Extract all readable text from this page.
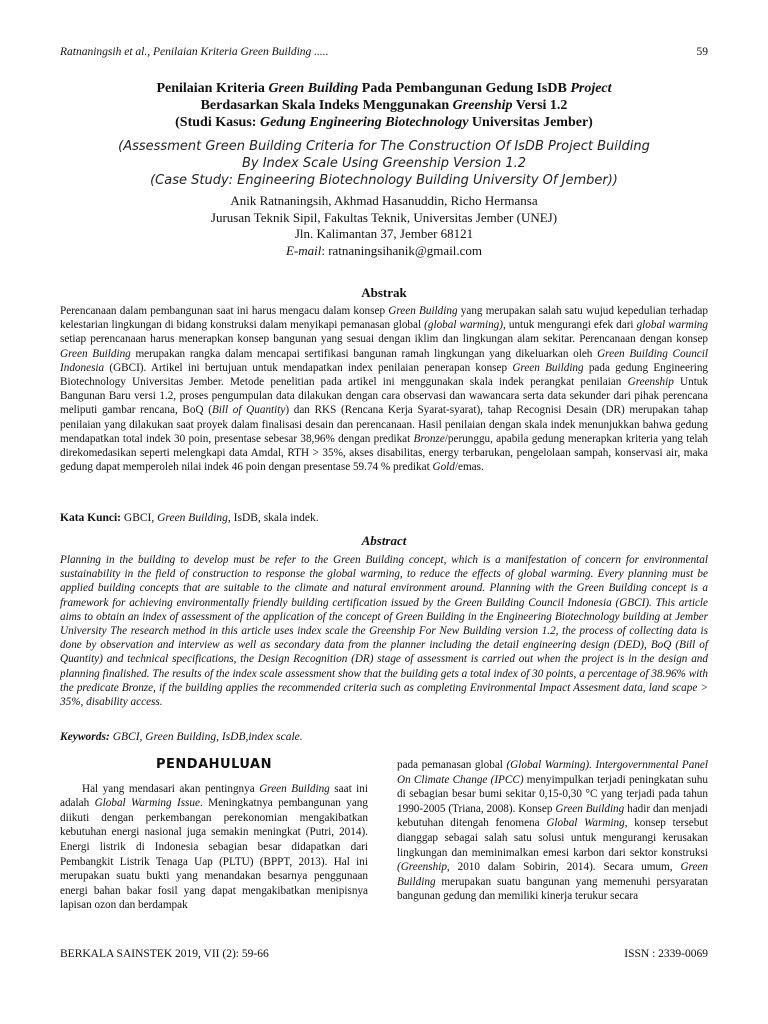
Ratnaningsih et al., Penilaian Kriteria Green Building .....	59
Penilaian Kriteria Green Building Pada Pembangunan Gedung IsDB Project
Berdasarkan Skala Indeks Menggunakan Greenship Versi 1.2
(Studi Kasus: Gedung Engineering Biotechnology Universitas Jember)
(Assessment Green Building Criteria for The Construction Of IsDB Project Building
By Index Scale Using Greenship Version 1.2
(Case Study: Engineering Biotechnology Building University Of Jember))
Anik Ratnaningsih, Akhmad Hasanuddin, Richo Hermansa
Jurusan Teknik Sipil, Fakultas Teknik, Universitas Jember (UNEJ)
Jln. Kalimantan 37, Jember 68121
E-mail: ratnaningsihanik@gmail.com
Abstrak

Perencanaan dalam pembangunan saat ini harus mengacu dalam konsep Green Building yang merupakan salah satu wujud kepedulian terhadap kelestarian lingkungan di bidang konstruksi dalam menyikapi pemanasan global (global warming), untuk mengurangi efek dari global warming setiap perencanaan harus menerapkan konsep bangunan yang sesuai dengan iklim dan lingkungan alam sekitar. Perencanaan dengan konsep Green Building merupakan rangka dalam mencapai sertifikasi bangunan ramah lingkungan yang dikeluarkan oleh Green Building Council Indonesia (GBCI). Artikel ini bertujuan untuk mendapatkan index penilaian penerapan konsep Green Building pada gedung Engineering Biotechnology Universitas Jember. Metode penelitian pada artikel ini menggunakan skala indek perangkat penilaian Greenship Untuk Bangunan Baru versi 1.2, proses pengumpulan data dilakukan dengan cara observasi dan wawancara serta data sekunder dari pihak perencana meliputi gambar rencana, BoQ (Bill of Quantity) dan RKS (Rencana Kerja Syarat-syarat), tahap Recognisi Desain (DR) merupakan tahap penilaian yang dilakukan saat proyek dalam finalisasi desain dan perencanaan. Hasil penilaian dengan skala indek menunjukkan bahwa gedung mendapatkan total indek 30 poin, presentase sebesar 38,96% dengan predikat Bronze/perunggu, apabila gedung menerapkan kriteria yang telah direkomedasikan seperti melengkapi data Amdal, RTH > 35%, akses disabilitas, energy terbarukan, pengelolaan sampah, konservasi air, maka gedung dapat memperoleh nilai indek 46 poin dengan presentase 59.74 % predikat Gold/emas.

Kata Kunci: GBCI, Green Building, IsDB, skala indek.
Abstract

Planning in the building to develop must be refer to the Green Building concept, which is a manifestation of concern for environmental sustainability in the field of construction to response the global warming, to reduce the effects of global warming. Every planning must be applied building concepts that are suitable to the climate and natural environment around. Planning with the Green Building concept is a framework for achieving environmentally friendly building certification issued by the Green Building Council Indonesia (GBCI). This article aims to obtain an index of assessment of the application of the concept of Green Building in the Engineering Biotechnology building at Jember University The research method in this article uses index scale the Greenship For New Building version 1.2, the process of collecting data is done by observation and interview as well as secondary data from the planner including the detail engineering design (DED), BoQ (Bill of Quantity) and technical specifications, the Design Recognition (DR) stage of assessment is carried out when the project is in the design and planning finalished. The results of the index scale assessment show that the building gets a total index of 30 points, a percentage of 38.96% with the predicate Bronze, if the building applies the recommended criteria such as completing Environmental Impact Assesment data, land scape > 35%, disability access.

Keywords: GBCI, Green Building, IsDB,index scale.
PENDAHULUAN

Hal yang mendasari akan pentingnya Green Building saat ini adalah Global Warming Issue. Meningkatnya pembangunan yang diikuti dengan perkembangan perekonomian mengakibatkan kebutuhan energi nasional juga semakin meningkat (Putri, 2014). Energi listrik di Indonesia sebagian besar didapatkan dari Pembangkit Listrik Tenaga Uap (PLTU) (BPPT, 2013). Hal ini merupakan suatu bukti yang menandakan besarnya penggunaan energi bahan bakar fosil yang dapat mengakibatkan menipisnya lapisan ozon dan berdampak

pada pemanasan global (Global Warming). Intergovernmental Panel On Climate Change (IPCC) menyimpulkan terjadi peningkatan suhu di sebagian besar bumi sekitar 0,15-0,30 °C yang terjadi pada tahun 1990-2005 (Triana, 2008). Konsep Green Building hadir dan menjadi kebutuhan ditengah fenomena Global Warming, konsep tersebut dianggap sebagai salah satu solusi untuk mengurangi kerusakan lingkungan dan meminimalkan emesi karbon dari sektor konstruksi (Greenship, 2010 dalam Sobirin, 2014). Secara umum, Green Building merupakan suatu bangunan yang memenuhi persyaratan bangunan gedung dan memiliki kinerja terukur secara

BERKALA SAINSTEK 2019, VII (2): 59-66	ISSN : 2339-0069
